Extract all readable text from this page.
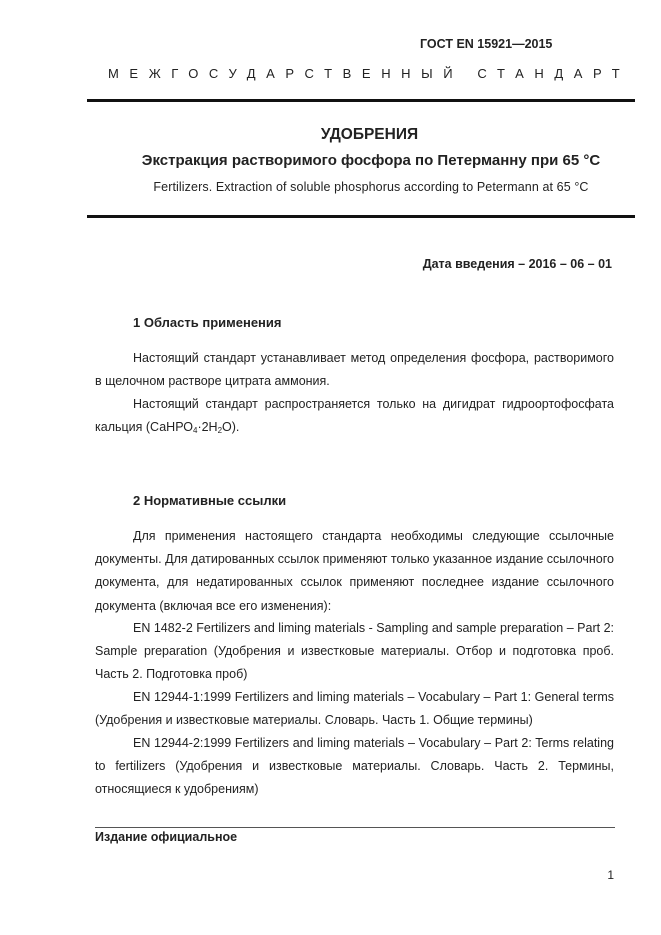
ГОСТ EN 15921—2015
МЕЖГОСУДАРСТВЕННЫЙ СТАНДАРТ
УДОБРЕНИЯ
Экстракция растворимого фосфора по Петерманну при 65 °С
Fertilizers. Extraction of soluble phosphorus according to Petermann at 65 °С
Дата введения – 2016 – 06 – 01
1 Область применения

Настоящий стандарт устанавливает метод определения фосфора, растворимого в щелочном растворе цитрата аммония.

Настоящий стандарт распространяется только на дигидрат гидроортофосфата кальция $(СаНРО_4\cdot 2Н_2О)$.

2 Нормативные ссылки

Для применения настоящего стандарта необходимы следующие ссылочные документы. Для датированных ссылок применяют только указанное издание ссылочного документа, для недатированных ссылок применяют последнее издание ссылочного документа (включая все его изменения):

EN 1482-2 Fertilizers and liming materials - Sampling and sample preparation – Part 2: Sample preparation (Удобрения и известковые материалы. Отбор и подготовка проб. Часть 2. Подготовка проб)

EN 12944-1:1999 Fertilizers and liming materials – Vocabulary – Part 1: General terms (Удобрения и известковые материалы. Словарь. Часть 1. Общие термины)

EN 12944-2:1999 Fertilizers and liming materials – Vocabulary – Part 2: Terms relating to fertilizers (Удобрения и известковые материалы. Словарь. Часть 2. Термины, относящиеся к удобрениям)

Издание официальное
1
